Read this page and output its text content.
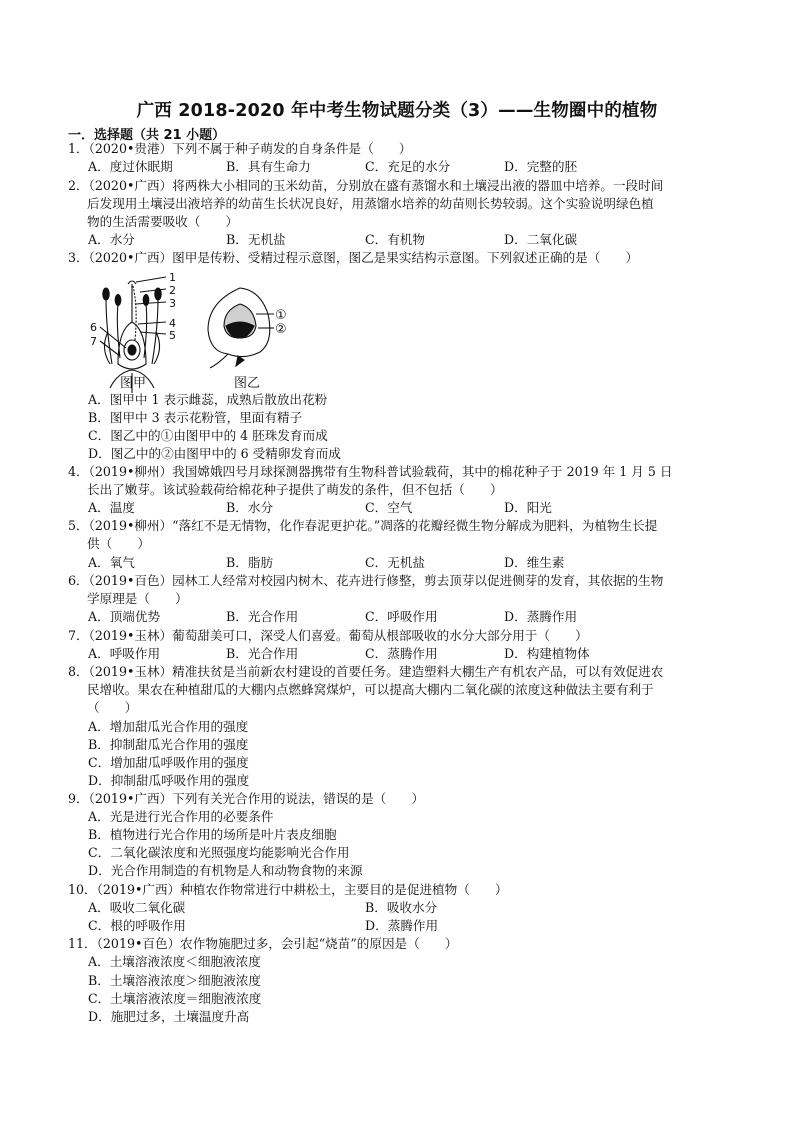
广西 2018-2020 年中考生物试题分类（3）——生物圈中的植物
一．选择题（共 21 小题）
1．（2020•贵港）下列不属于种子萌发的自身条件是（　　）
A．度过休眠期	B．具有生命力	C．充足的水分	D．完整的胚
2．（2020•广西）将两株大小相同的玉米幼苗，分别放在盛有蒸馏水和土壤浸出液的器皿中培养。一段时间
后发现用土壤浸出液培养的幼苗生长状况良好，用蒸馏水培养的幼苗则长势较弱。这个实验说明绿色植
物的生活需要吸收（　　）
A．水分	B．无机盐	C．有机物	D．二氧化碳
3．（2020•广西）图甲是传粉、受精过程示意图，图乙是果实结构示意图。下列叙述正确的是（　　）
1
2
3
4
5
6
7
①
②
图甲	图乙
A．图甲中 1 表示雌蕊，成熟后散放出花粉
B．图甲中 3 表示花粉管，里面有精子
C．图乙中的①由图甲中的 4 胚珠发育而成
D．图乙中的②由图甲中的 6 受精卵发育而成
4．（2019•柳州）我国嫦娥四号月球探测器携带有生物科普试验载荷，其中的棉花种子于 2019 年 1 月 5 日
长出了嫩芽。该试验载荷给棉花种子提供了萌发的条件，但不包括（　　）
A．温度	B．水分	C．空气	D．阳光
5．（2019•柳州）“落红不是无情物，化作春泥更护花。”凋落的花瓣经微生物分解成为肥料，为植物生长提
供（　　）
A．氧气	B．脂肪	C．无机盐	D．维生素
6．（2019•百色）园林工人经常对校园内树木、花卉进行修整，剪去顶芽以促进侧芽的发育，其依据的生物
学原理是（　　）
A．顶端优势	B．光合作用	C．呼吸作用	D．蒸腾作用
7．（2019•玉林）葡萄甜美可口，深受人们喜爱。葡萄从根部吸收的水分大部分用于（　　）
A．呼吸作用	B．光合作用	C．蒸腾作用	D．构建植物体
8．（2019•玉林）精准扶贫是当前新农村建设的首要任务。建造塑料大棚生产有机农产品，可以有效促进农
民增收。果农在种植甜瓜的大棚内点燃蜂窝煤炉，可以提高大棚内二氧化碳的浓度这种做法主要有利于
（　　）
A．增加甜瓜光合作用的强度
B．抑制甜瓜光合作用的强度
C．增加甜瓜呼吸作用的强度
D．抑制甜瓜呼吸作用的强度
9．（2019•广西）下列有关光合作用的说法，错误的是（　　）
A．光是进行光合作用的必要条件
B．植物进行光合作用的场所是叶片表皮细胞
C．二氧化碳浓度和光照强度均能影响光合作用
D．光合作用制造的有机物是人和动物食物的来源
10．（2019•广西）种植农作物常进行中耕松土，主要目的是促进植物（　　）
A．吸收二氧化碳	B．吸收水分
C．根的呼吸作用	D．蒸腾作用
11．（2019•百色）农作物施肥过多，会引起“烧苗”的原因是（　　）
A．土壤溶液浓度＜细胞液浓度
B．土壤溶液浓度＞细胞液浓度
C．土壤溶液浓度＝细胞液浓度
D．施肥过多，土壤温度升高
